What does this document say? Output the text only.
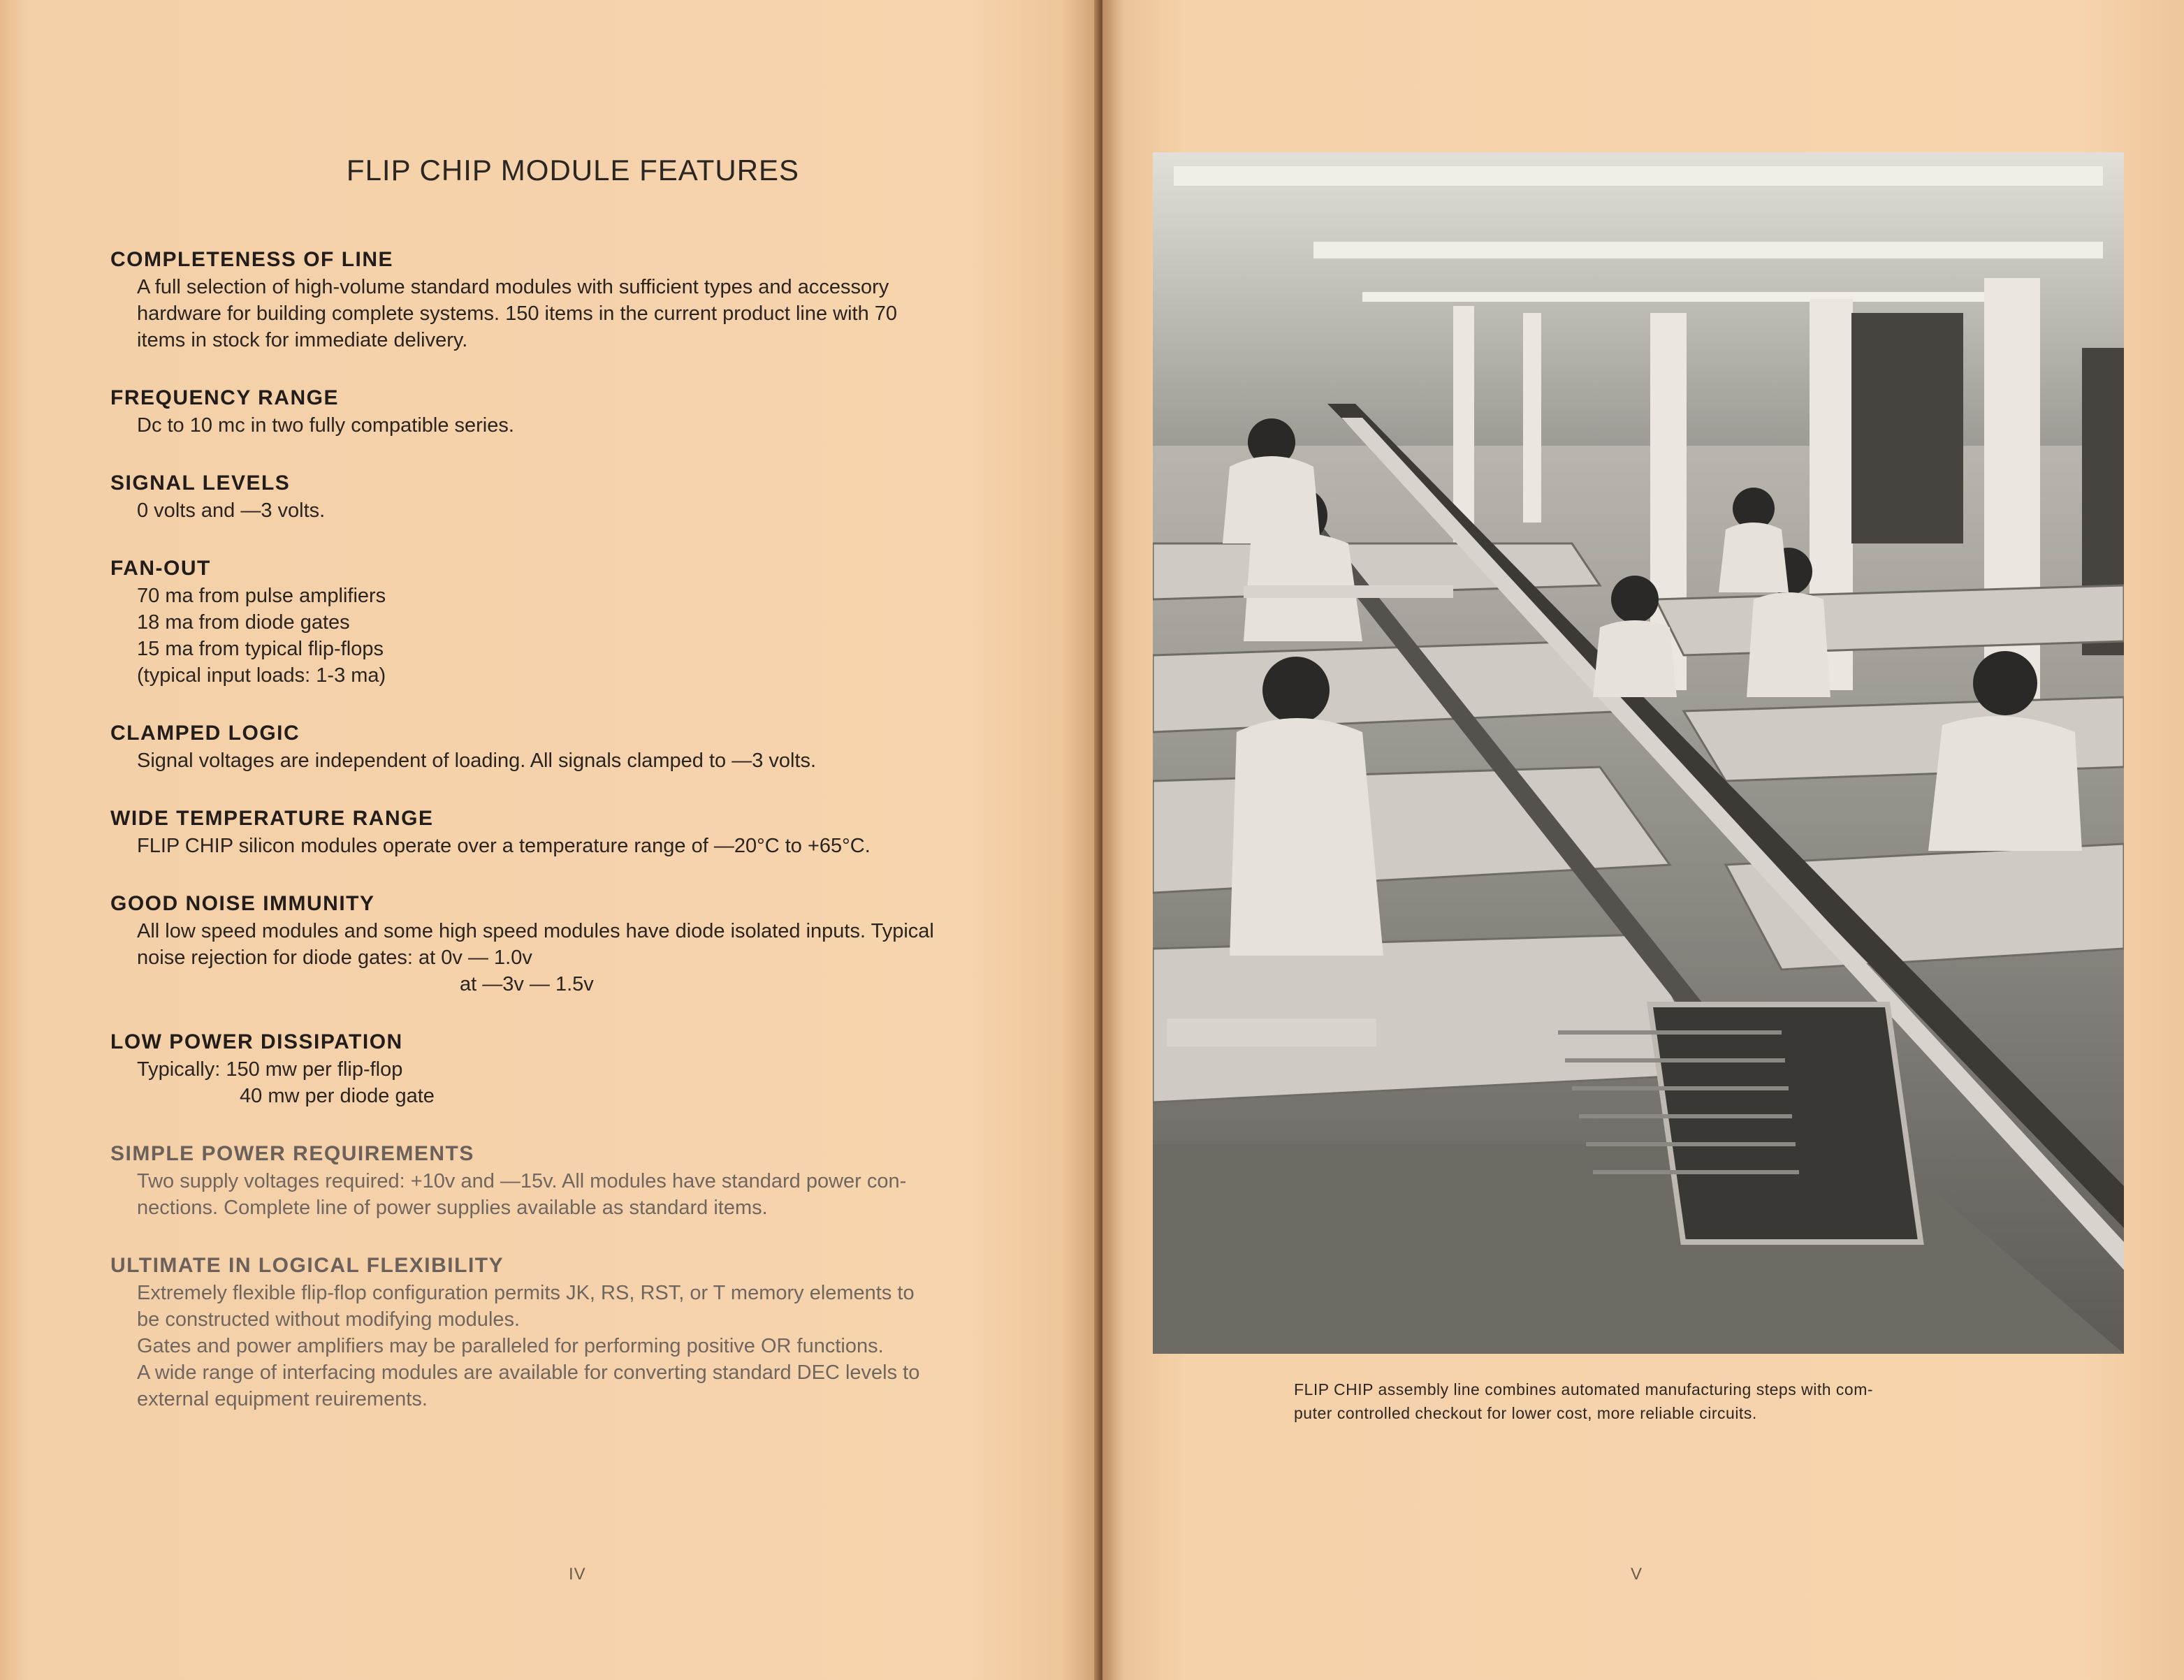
FLIP CHIP MODULE FEATURES
COMPLETENESS OF LINE
A full selection of high-volume standard modules with sufficient types and accessory
hardware for building complete systems. 150 items in the current product line with 70
items in stock for immediate delivery.
FREQUENCY RANGE
Dc to 10 mc in two fully compatible series.
SIGNAL LEVELS
0 volts and —3 volts.
FAN-OUT
70 ma from pulse amplifiers
18 ma from diode gates
15 ma from typical flip-flops
(typical input loads: 1-3 ma)
CLAMPED LOGIC
Signal voltages are independent of loading. All signals clamped to —3 volts.
WIDE TEMPERATURE RANGE
FLIP CHIP silicon modules operate over a temperature range of —20°C to +65°C.
GOOD NOISE IMMUNITY
All low speed modules and some high speed modules have diode isolated inputs. Typical
noise rejection for diode gates: at 0v — 1.0v
at —3v — 1.5v
LOW POWER DISSIPATION
Typically: 150 mw per flip-flop
40 mw per diode gate
SIMPLE POWER REQUIREMENTS
Two supply voltages required: +10v and —15v. All modules have standard power con-
nections. Complete line of power supplies available as standard items.
ULTIMATE IN LOGICAL FLEXIBILITY
Extremely flexible flip-flop configuration permits JK, RS, RST, or T memory elements to
be constructed without modifying modules.
Gates and power amplifiers may be paralleled for performing positive OR functions.
A wide range of interfacing modules are available for converting standard DEC levels to
external equipment reuirements.
IV	V
FLIP CHIP assembly line combines automated manufacturing steps with com-
puter controlled checkout for lower cost, more reliable circuits.
